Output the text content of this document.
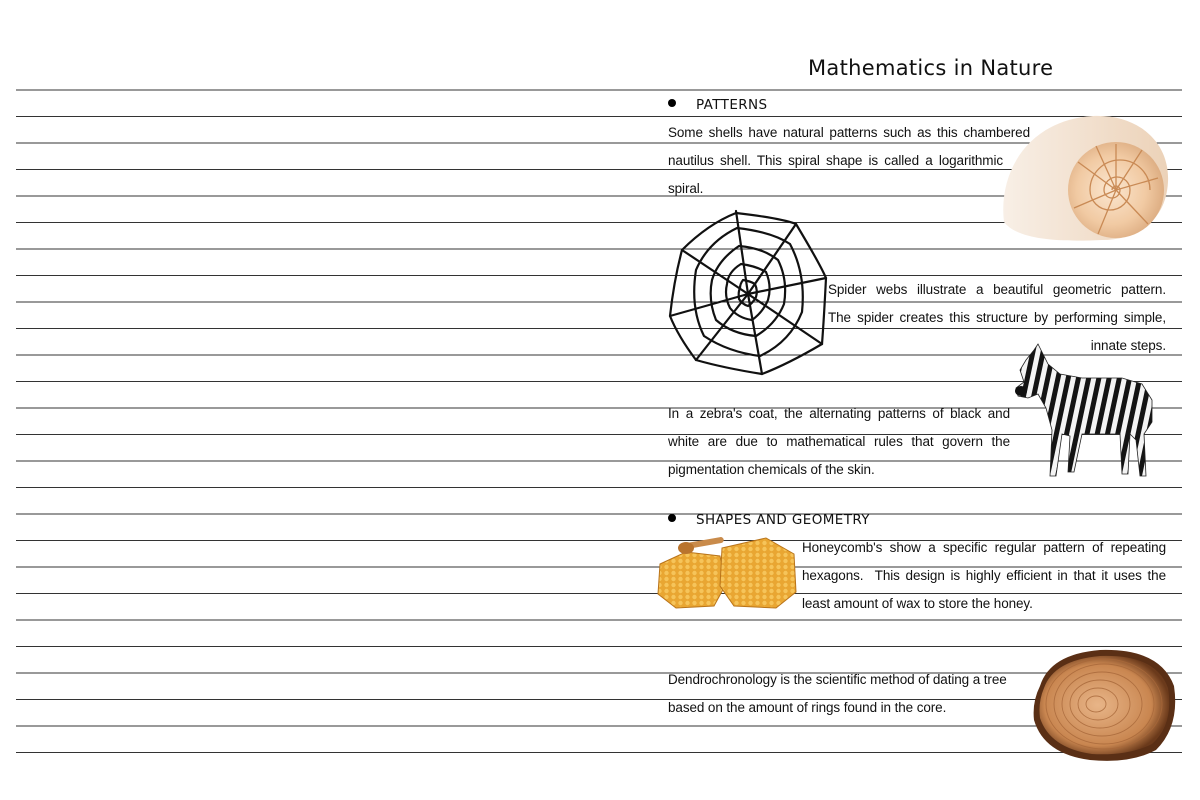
Mathematics in Nature
PATTERNS
Some shells have natural patterns such as this chambered
nautilus shell. This spiral shape is called a logarithmic
spiral.
Spider webs illustrate a beautiful geometric pattern.
The spider creates this structure by performing simple,
innate steps.
In a zebra's coat, the alternating patterns of black and
white are due to mathematical rules that govern the
pigmentation chemicals of the skin.
SHAPES AND GEOMETRY
Honeycomb's show a specific regular pattern of repeating
hexagons.  This design is highly efficient in that it uses the
least amount of wax to store the honey.
Dendrochronology is the scientific method of dating a tree
based on the amount of rings found in the core.
